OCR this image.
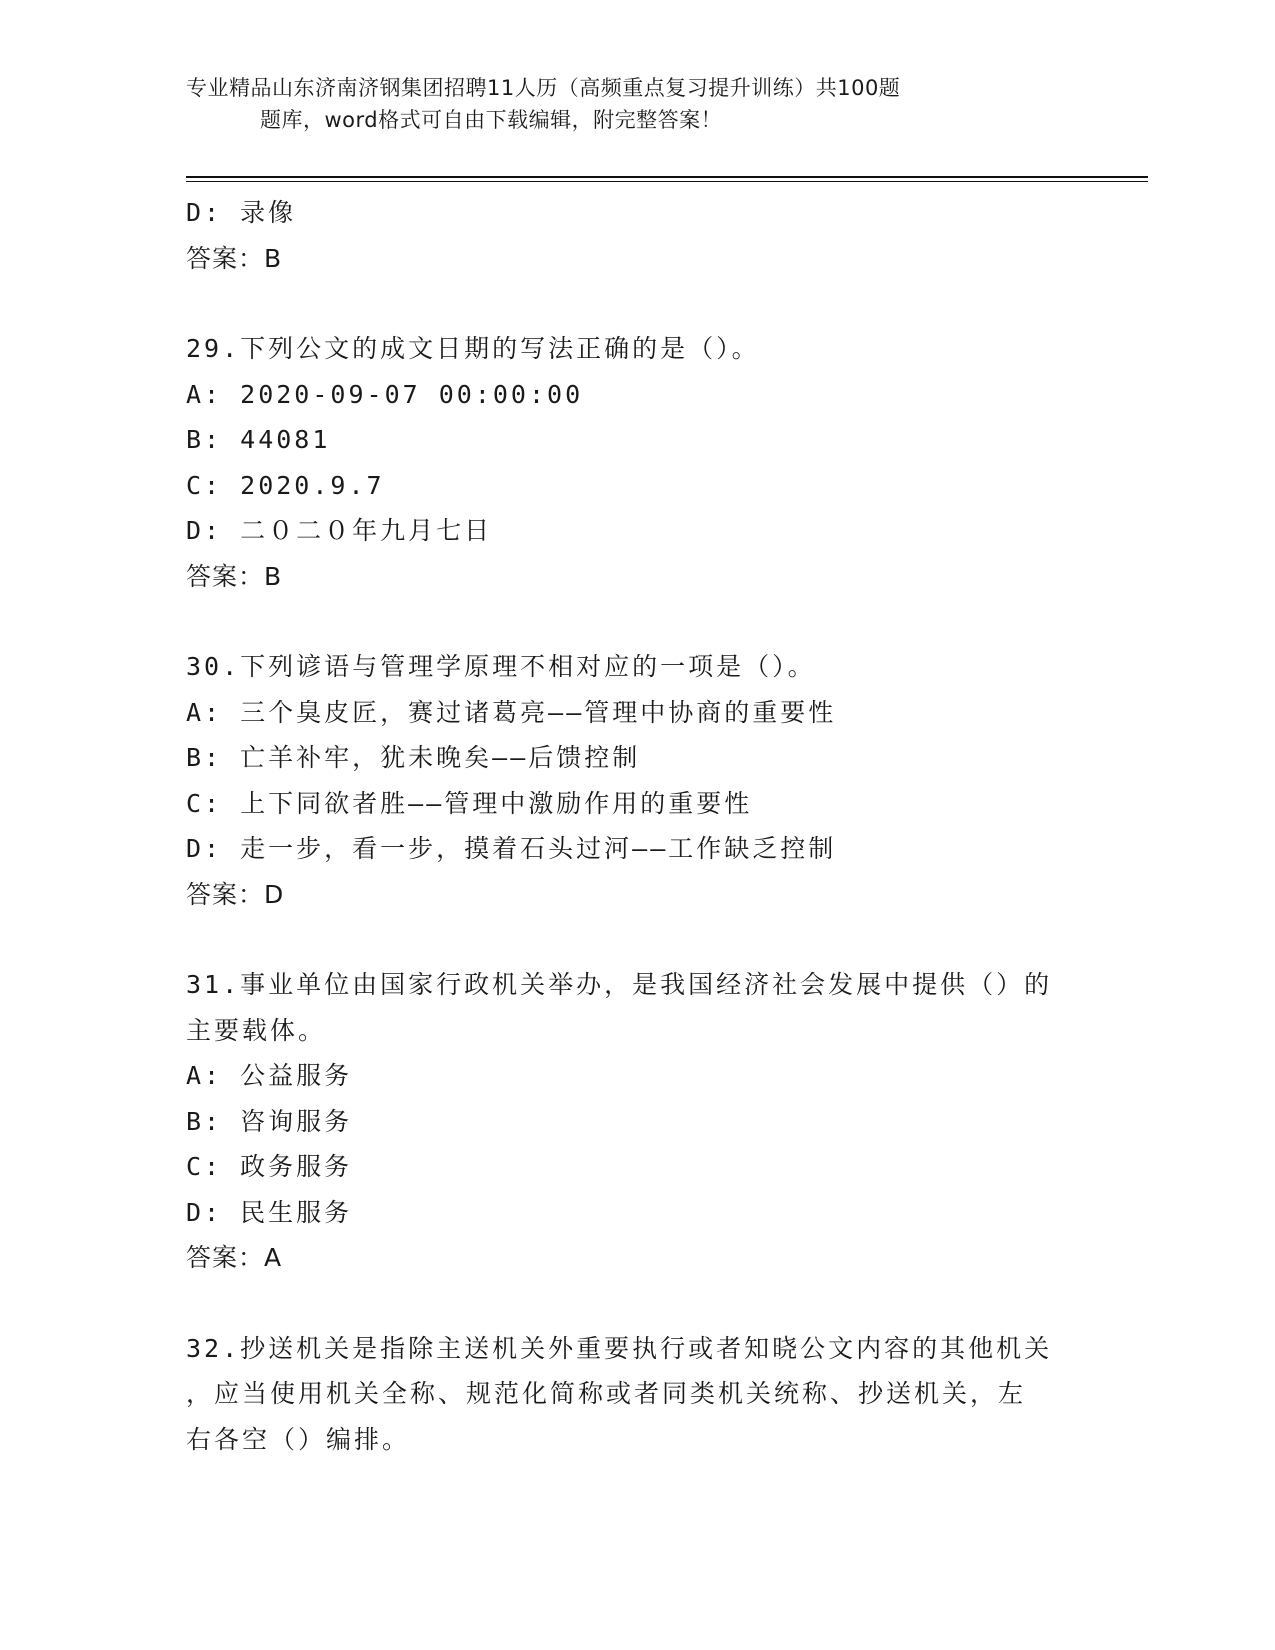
专业精品山东济南济钢集团招聘11人历（高频重点复习提升训练）共100题
题库，word格式可自由下载编辑，附完整答案！
D: 录像
答案：B
29.下列公文的成文日期的写法正确的是（）。
A: 2020-09-07 00:00:00
B: 44081
C: 2020.9.7
D: 二０二０年九月七日
答案：B
30.下列谚语与管理学原理不相对应的一项是（）。
A: 三个臭皮匠，赛过诸葛亮——管理中协商的重要性
B: 亡羊补牢，犹未晚矣——后馈控制
C: 上下同欲者胜——管理中激励作用的重要性
D: 走一步，看一步，摸着石头过河——工作缺乏控制
答案：D
31.事业单位由国家行政机关举办，是我国经济社会发展中提供（）的
主要载体。
A: 公益服务
B: 咨询服务
C: 政务服务
D: 民生服务
答案：A
32.抄送机关是指除主送机关外重要执行或者知晓公文内容的其他机关
，应当使用机关全称、规范化简称或者同类机关统称、抄送机关，左
右各空（）编排。
